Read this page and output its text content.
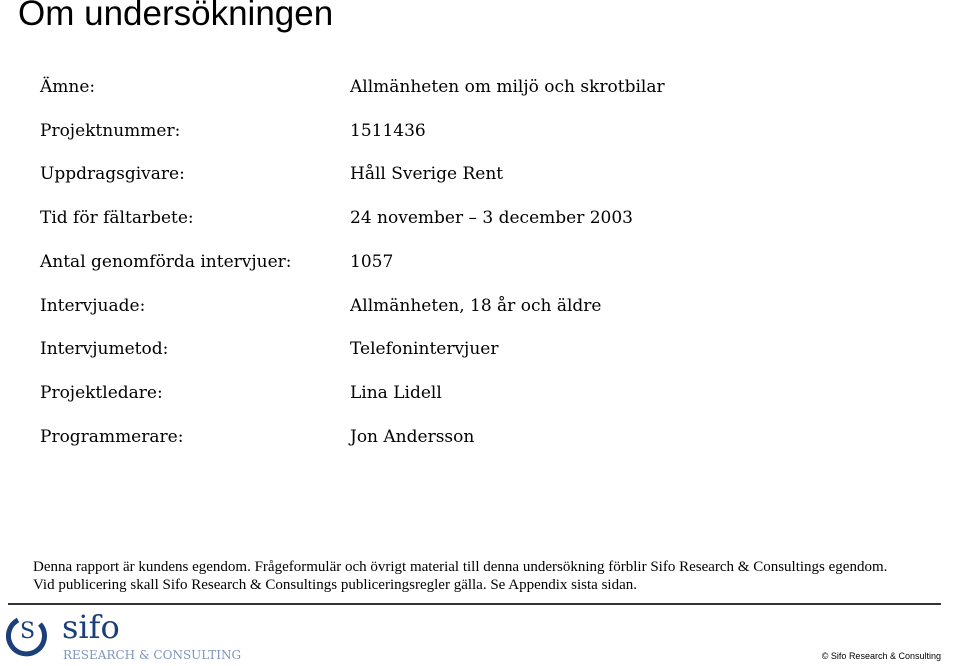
Om undersökningen
Ämne:	Allmänheten om miljö och skrotbilar
Projektnummer:	1511436
Uppdragsgivare:	Håll Sverige Rent
Tid för fältarbete:	24 november – 3 december 2003
Antal genomförda intervjuer:	1057
Intervjuade:	Allmänheten, 18 år och äldre
Intervjumetod:	Telefonintervjuer
Projektledare:	Lina Lidell
Programmerare:	Jon Andersson
Denna rapport är kundens egendom. Frågeformulär och övrigt material till denna undersökning förblir Sifo Research & Consultings egendom.
Vid publicering skall Sifo Research & Consultings publiceringsregler gälla. Se Appendix sista sidan.
S sifo
RESEARCH & CONSULTING	© Sifo Research & Consulting
